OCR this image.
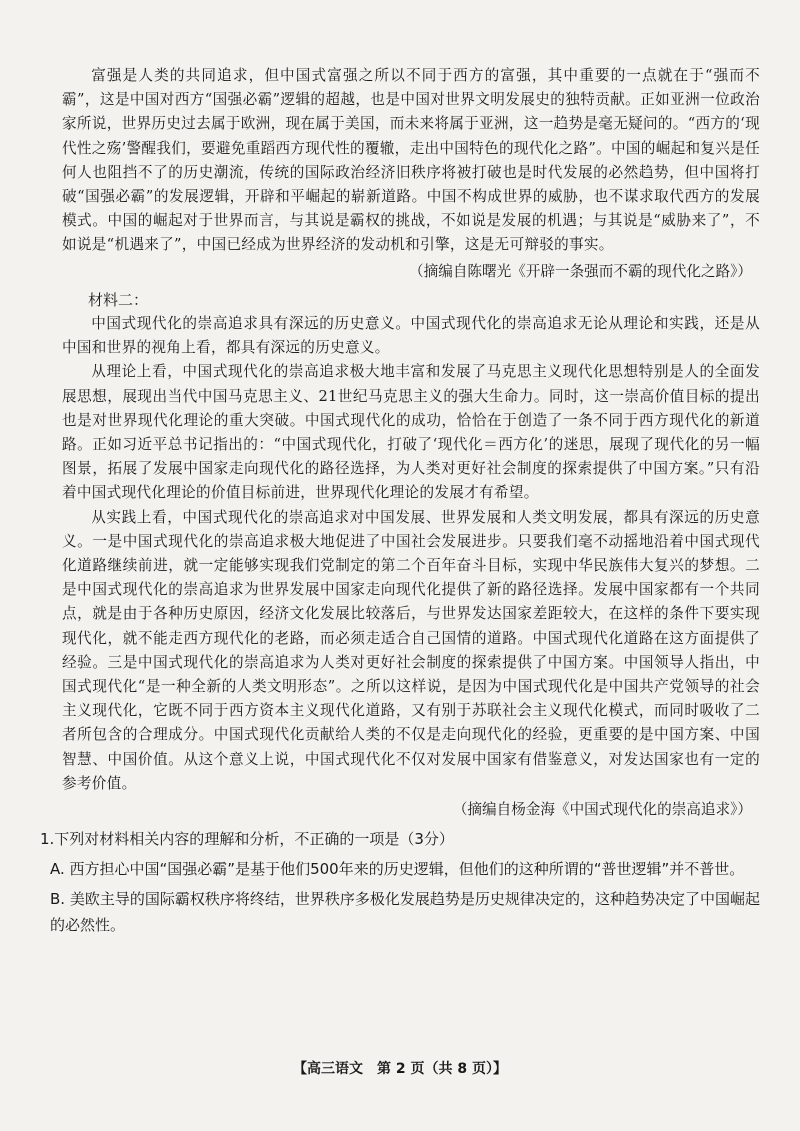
富强是人类的共同追求，但中国式富强之所以不同于西方的富强，其中重要的一点就在于“强而不霸”，这是中国对西方“国强必霸”逻辑的超越，也是中国对世界文明发展史的独特贡献。正如亚洲一位政治家所说，世界历史过去属于欧洲，现在属于美国，而未来将属于亚洲，这一趋势是毫无疑问的。“西方的‘现代性之殇’警醒我们，要避免重蹈西方现代性的覆辙，走出中国特色的现代化之路”。中国的崛起和复兴是任何人也阻挡不了的历史潮流，传统的国际政治经济旧秩序将被打破也是时代发展的必然趋势，但中国将打破“国强必霸”的发展逻辑，开辟和平崛起的崭新道路。中国不构成世界的威胁，也不谋求取代西方的发展模式。中国的崛起对于世界而言，与其说是霸权的挑战，不如说是发展的机遇；与其说是“威胁来了”，不如说是“机遇来了”，中国已经成为世界经济的发动机和引擎，这是无可辩驳的事实。

（摘编自陈曙光《开辟一条强而不霸的现代化之路》）
材料二：

中国式现代化的崇高追求具有深远的历史意义。中国式现代化的崇高追求无论从理论和实践，还是从中国和世界的视角上看，都具有深远的历史意义。

从理论上看，中国式现代化的崇高追求极大地丰富和发展了马克思主义现代化思想特别是人的全面发展思想，展现出当代中国马克思主义、21世纪马克思主义的强大生命力。同时，这一崇高价值目标的提出也是对世界现代化理论的重大突破。中国式现代化的成功，恰恰在于创造了一条不同于西方现代化的新道路。正如习近平总书记指出的：“中国式现代化，打破了‘现代化＝西方化’的迷思，展现了现代化的另一幅图景，拓展了发展中国家走向现代化的路径选择，为人类对更好社会制度的探索提供了中国方案。”只有沿着中国式现代化理论的价值目标前进，世界现代化理论的发展才有希望。

从实践上看，中国式现代化的崇高追求对中国发展、世界发展和人类文明发展，都具有深远的历史意义。一是中国式现代化的崇高追求极大地促进了中国社会发展进步。只要我们毫不动摇地沿着中国式现代化道路继续前进，就一定能够实现我们党制定的第二个百年奋斗目标，实现中华民族伟大复兴的梦想。二是中国式现代化的崇高追求为世界发展中国家走向现代化提供了新的路径选择。发展中国家都有一个共同点，就是由于各种历史原因，经济文化发展比较落后，与世界发达国家差距较大，在这样的条件下要实现现代化，就不能走西方现代化的老路，而必须走适合自己国情的道路。中国式现代化道路在这方面提供了经验。三是中国式现代化的崇高追求为人类对更好社会制度的探索提供了中国方案。中国领导人指出，中国式现代化“是一种全新的人类文明形态”。之所以这样说，是因为中国式现代化是中国共产党领导的社会主义现代化，它既不同于西方资本主义现代化道路，又有别于苏联社会主义现代化模式，而同时吸收了二者所包含的合理成分。中国式现代化贡献给人类的不仅是走向现代化的经验，更重要的是中国方案、中国智慧、中国价值。从这个意义上说，中国式现代化不仅对发展中国家有借鉴意义，对发达国家也有一定的参考价值。

（摘编自杨金海《中国式现代化的崇高追求》）
1.下列对材料相关内容的理解和分析，不正确的一项是（3分）
A. 西方担心中国“国强必霸”是基于他们500年来的历史逻辑，但他们的这种所谓的“普世逻辑”并不普世。
B. 美欧主导的国际霸权秩序将终结，世界秩序多极化发展趋势是历史规律决定的，这种趋势决定了中国崛起的必然性。
【高三语文　第 2 页（共 8 页）】
